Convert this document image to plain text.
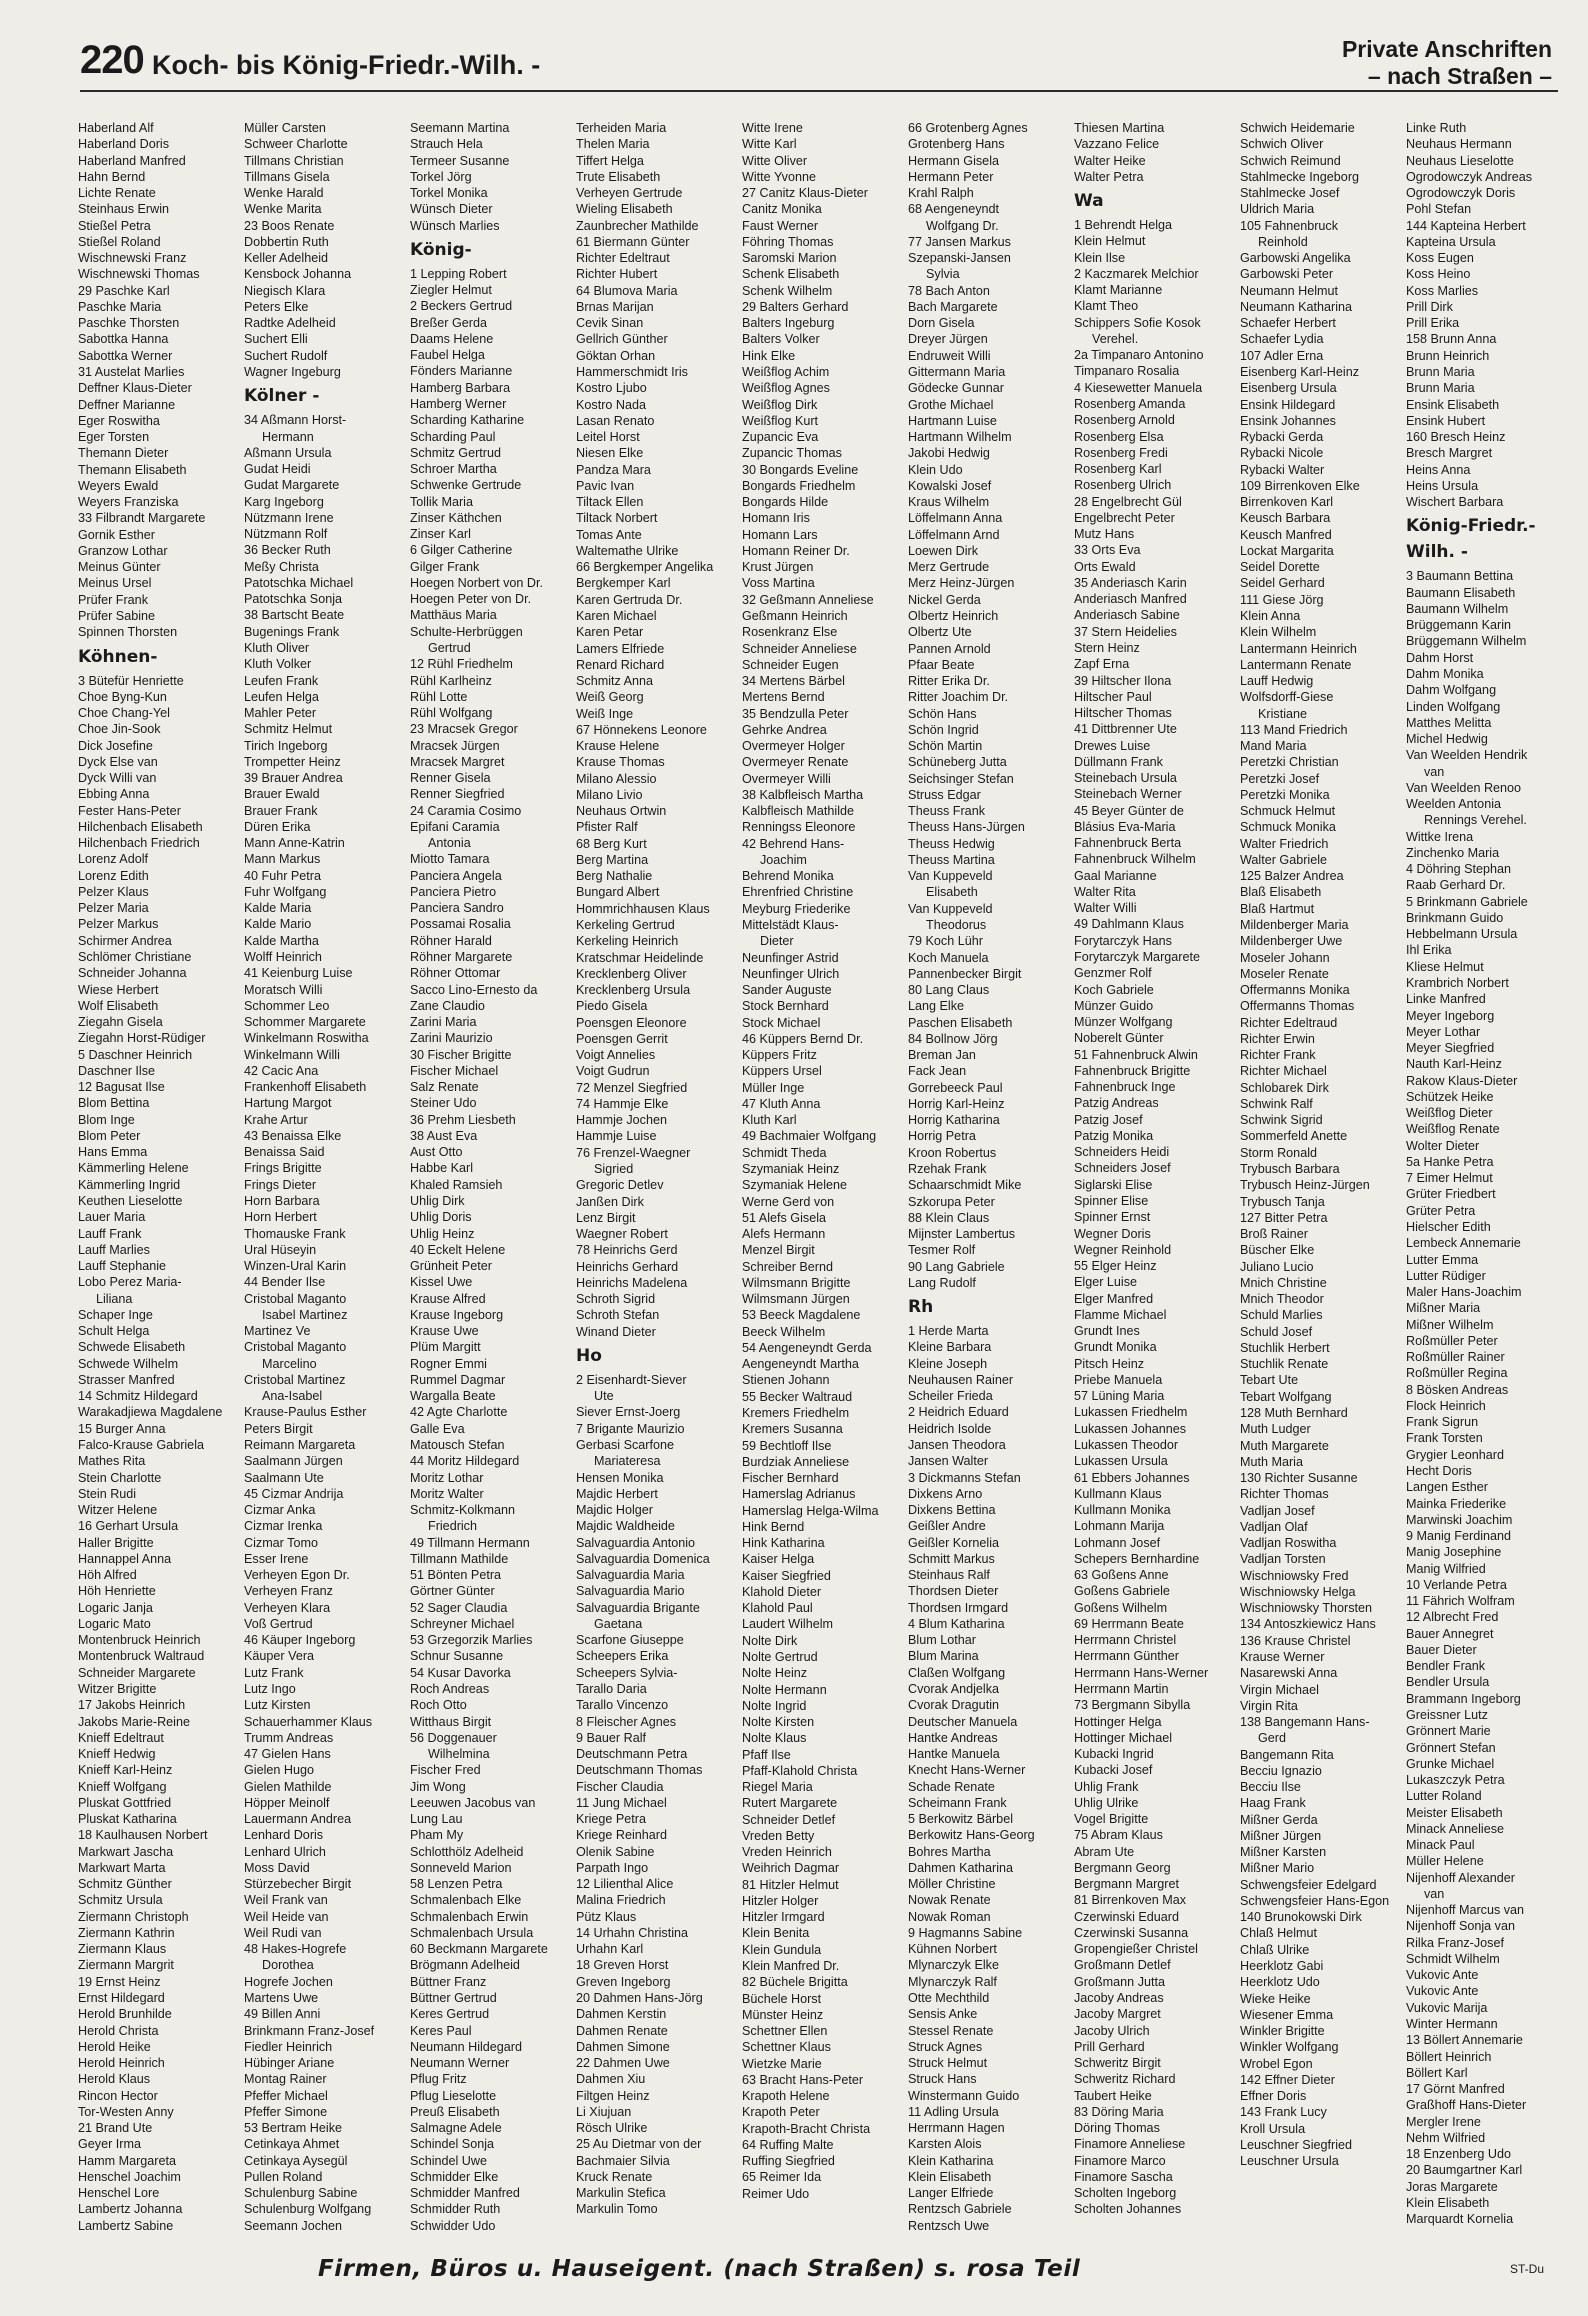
220 Koch- bis König-Friedr.-Wilh. -
Private Anschriften
– nach Straßen –
Haberland Alf
Haberland Doris
Haberland Manfred
Hahn Bernd
Lichte Renate
Steinhaus Erwin
Stießel Petra
Stießel Roland
Wischnewski Franz
Wischnewski Thomas
29 Paschke Karl
Paschke Maria
Paschke Thorsten
Sabottka Hanna
Sabottka Werner
31 Austelat Marlies
Deffner Klaus-Dieter
Deffner Marianne
Eger Roswitha
Eger Torsten
Themann Dieter
Themann Elisabeth
Weyers Ewald
Weyers Franziska
33 Filbrandt Margarete
Gornik Esther
Granzow Lothar
Meinus Günter
Meinus Ursel
Prüfer Frank
Prüfer Sabine
Spinnen Thorsten
Köhnen-
3 Bütefür Henriette
Choe Byng-Kun
Choe Chang-Yel
Choe Jin-Sook
Dick Josefine
Dyck Else van
Dyck Willi van
Ebbing Anna
Fester Hans-Peter
Hilchenbach Elisabeth
Hilchenbach Friedrich
Lorenz Adolf
Lorenz Edith
Pelzer Klaus
Pelzer Maria
Pelzer Markus
Schirmer Andrea
Schlömer Christiane
Schneider Johanna
Wiese Herbert
Wolf Elisabeth
Ziegahn Gisela
Ziegahn Horst-Rüdiger
5 Daschner Heinrich
Daschner Ilse
12 Bagusat Ilse
Blom Bettina
Blom Inge
Blom Peter
Hans Emma
Kämmerling Helene
Kämmerling Ingrid
Keuthen Lieselotte
Lauer Maria
Lauff Frank
Lauff Marlies
Lauff Stephanie
Lobo Perez Maria-
Liliana
Schaper Inge
Schult Helga
Schwede Elisabeth
Schwede Wilhelm
Strasser Manfred
14 Schmitz Hildegard
Warakadjiewa Magdalene
15 Burger Anna
Falco-Krause Gabriela
Mathes Rita
Stein Charlotte
Stein Rudi
Witzer Helene
16 Gerhart Ursula
Haller Brigitte
Hannappel Anna
Höh Alfred
Höh Henriette
Logaric Janja
Logaric Mato
Montenbruck Heinrich
Montenbruck Waltraud
Schneider Margarete
Witzer Brigitte
17 Jakobs Heinrich
Jakobs Marie-Reine
Knieff Edeltraut
Knieff Hedwig
Knieff Karl-Heinz
Knieff Wolfgang
Pluskat Gottfried
Pluskat Katharina
18 Kaulhausen Norbert
Markwart Jascha
Markwart Marta
Schmitz Günther
Schmitz Ursula
Ziermann Christoph
Ziermann Kathrin
Ziermann Klaus
Ziermann Margrit
19 Ernst Heinz
Ernst Hildegard
Herold Brunhilde
Herold Christa
Herold Heike
Herold Heinrich
Herold Klaus
Rincon Hector
Tor-Westen Anny
21 Brand Ute
Geyer Irma
Hamm Margareta
Henschel Joachim
Henschel Lore
Lambertz Johanna
Lambertz Sabine
Müller Carsten
Schweer Charlotte
Tillmans Christian
Tillmans Gisela
Wenke Harald
Wenke Marita
23 Boos Renate
Dobbertin Ruth
Keller Adelheid
Kensbock Johanna
Niegisch Klara
Peters Elke
Radtke Adelheid
Suchert Elli
Suchert Rudolf
Wagner Ingeburg
Kölner -
34 Aßmann Horst-
Hermann
Aßmann Ursula
Gudat Heidi
Gudat Margarete
Karg Ingeborg
Nützmann Irene
Nützmann Rolf
36 Becker Ruth
Meßy Christa
Patotschka Michael
Patotschka Sonja
38 Bartscht Beate
Bugenings Frank
Kluth Oliver
Kluth Volker
Leufen Frank
Leufen Helga
Mahler Peter
Schmitz Helmut
Tirich Ingeborg
Trompetter Heinz
39 Brauer Andrea
Brauer Ewald
Brauer Frank
Düren Erika
Mann Anne-Katrin
Mann Markus
40 Fuhr Petra
Fuhr Wolfgang
Kalde Maria
Kalde Mario
Kalde Martha
Wolff Heinrich
41 Keienburg Luise
Moratsch Willi
Schommer Leo
Schommer Margarete
Winkelmann Roswitha
Winkelmann Willi
42 Cacic Ana
Frankenhoff Elisabeth
Hartung Margot
Krahe Artur
43 Benaissa Elke
Benaissa Said
Frings Brigitte
Frings Dieter
Horn Barbara
Horn Herbert
Thomauske Frank
Ural Hüseyin
Winzen-Ural Karin
44 Bender Ilse
Cristobal Maganto
Isabel Martinez
Martinez Ve
Cristobal Maganto
Marcelino
Cristobal Martinez
Ana-Isabel
Krause-Paulus Esther
Peters Birgit
Reimann Margareta
Saalmann Jürgen
Saalmann Ute
45 Cizmar Andrija
Cizmar Anka
Cizmar Irenka
Cizmar Tomo
Esser Irene
Verheyen Egon Dr.
Verheyen Franz
Verheyen Klara
Voß Gertrud
46 Käuper Ingeborg
Käuper Vera
Lutz Frank
Lutz Ingo
Lutz Kirsten
Schauerhammer Klaus
Trumm Andreas
47 Gielen Hans
Gielen Hugo
Gielen Mathilde
Höpper Meinolf
Lauermann Andrea
Lenhard Doris
Lenhard Ulrich
Moss David
Stürzebecher Birgit
Weil Frank van
Weil Heide van
Weil Rudi van
48 Hakes-Hogrefe
Dorothea
Hogrefe Jochen
Martens Uwe
49 Billen Anni
Brinkmann Franz-Josef
Fiedler Heinrich
Hübinger Ariane
Montag Rainer
Pfeffer Michael
Pfeffer Simone
53 Bertram Heike
Cetinkaya Ahmet
Cetinkaya Aysegül
Pullen Roland
Schulenburg Sabine
Schulenburg Wolfgang
Seemann Jochen
Seemann Martina
Strauch Hela
Termeer Susanne
Torkel Jörg
Torkel Monika
Wünsch Dieter
Wünsch Marlies
König-
1 Lepping Robert
Ziegler Helmut
2 Beckers Gertrud
Breßer Gerda
Daams Helene
Faubel Helga
Fönders Marianne
Hamberg Barbara
Hamberg Werner
Scharding Katharine
Scharding Paul
Schmitz Gertrud
Schroer Martha
Schwenke Gertrude
Tollik Maria
Zinser Käthchen
Zinser Karl
6 Gilger Catherine
Gilger Frank
Hoegen Norbert von Dr.
Hoegen Peter von Dr.
Matthäus Maria
Schulte-Herbrüggen
Gertrud
12 Rühl Friedhelm
Rühl Karlheinz
Rühl Lotte
Rühl Wolfgang
23 Mracsek Gregor
Mracsek Jürgen
Mracsek Margret
Renner Gisela
Renner Siegfried
24 Caramia Cosimo
Epifani Caramia
Antonia
Miotto Tamara
Panciera Angela
Panciera Pietro
Panciera Sandro
Possamai Rosalia
Röhner Harald
Röhner Margarete
Röhner Ottomar
Sacco Lino-Ernesto da
Zane Claudio
Zarini Maria
Zarini Maurizio
30 Fischer Brigitte
Fischer Michael
Salz Renate
Steiner Udo
36 Prehm Liesbeth
38 Aust Eva
Aust Otto
Habbe Karl
Khaled Ramsieh
Uhlig Dirk
Uhlig Doris
Uhlig Heinz
40 Eckelt Helene
Grünheit Peter
Kissel Uwe
Krause Alfred
Krause Ingeborg
Krause Uwe
Plüm Margitt
Rogner Emmi
Rummel Dagmar
Wargalla Beate
42 Agte Charlotte
Galle Eva
Matousch Stefan
44 Moritz Hildegard
Moritz Lothar
Moritz Walter
Schmitz-Kolkmann
Friedrich
49 Tillmann Hermann
Tillmann Mathilde
51 Bönten Petra
Görtner Günter
52 Sager Claudia
Schreyner Michael
53 Grzegorzik Marlies
Schnur Susanne
54 Kusar Davorka
Roch Andreas
Roch Otto
Witthaus Birgit
56 Doggenauer
Wilhelmina
Fischer Fred
Jim Wong
Leeuwen Jacobus van
Lung Lau
Pham My
Schlotthölz Adelheid
Sonneveld Marion
58 Lenzen Petra
Schmalenbach Elke
Schmalenbach Erwin
Schmalenbach Ursula
60 Beckmann Margarete
Brögmann Adelheid
Büttner Franz
Büttner Gertrud
Keres Gertrud
Keres Paul
Neumann Hildegard
Neumann Werner
Pflug Fritz
Pflug Lieselotte
Preuß Elisabeth
Salmagne Adele
Schindel Sonja
Schindel Uwe
Schmidder Elke
Schmidder Manfred
Schmidder Ruth
Schwidder Udo
Terheiden Maria
Thelen Maria
Tiffert Helga
Trute Elisabeth
Verheyen Gertrude
Wieling Elisabeth
Zaunbrecher Mathilde
61 Biermann Günter
Richter Edeltraut
Richter Hubert
64 Blumova Maria
Brnas Marijan
Cevik Sinan
Gellrich Günther
Göktan Orhan
Hammerschmidt Iris
Kostro Ljubo
Kostro Nada
Lasan Renato
Leitel Horst
Niesen Elke
Pandza Mara
Pavic Ivan
Tiltack Ellen
Tiltack Norbert
Tomas Ante
Waltemathe Ulrike
66 Bergkemper Angelika
Bergkemper Karl
Karen Gertruda Dr.
Karen Michael
Karen Petar
Lamers Elfriede
Renard Richard
Schmitz Anna
Weiß Georg
Weiß Inge
67 Hönnekens Leonore
Krause Helene
Krause Thomas
Milano Alessio
Milano Livio
Neuhaus Ortwin
Pfister Ralf
68 Berg Kurt
Berg Martina
Berg Nathalie
Bungard Albert
Hommrichhausen Klaus
Kerkeling Gertrud
Kerkeling Heinrich
Kratschmar Heidelinde
Krecklenberg Oliver
Krecklenberg Ursula
Piedo Gisela
Poensgen Eleonore
Poensgen Gerrit
Voigt Annelies
Voigt Gudrun
72 Menzel Siegfried
74 Hammje Elke
Hammje Jochen
Hammje Luise
76 Frenzel-Waegner
Sigried
Gregoric Detlev
Janßen Dirk
Lenz Birgit
Waegner Robert
78 Heinrichs Gerd
Heinrichs Gerhard
Heinrichs Madelena
Schroth Sigrid
Schroth Stefan
Winand Dieter
Ho
2 Eisenhardt-Siever
Ute
Siever Ernst-Joerg
7 Brigante Maurizio
Gerbasi Scarfone
Mariateresa
Hensen Monika
Majdic Herbert
Majdic Holger
Majdic Waldheide
Salvaguardia Antonio
Salvaguardia Domenica
Salvaguardia Maria
Salvaguardia Mario
Salvaguardia Brigante
Gaetana
Scarfone Giuseppe
Scheepers Erika
Scheepers Sylvia-
Tarallo Daria
Tarallo Vincenzo
8 Fleischer Agnes
9 Bauer Ralf
Deutschmann Petra
Deutschmann Thomas
Fischer Claudia
11 Jung Michael
Kriege Petra
Kriege Reinhard
Olenik Sabine
Parpath Ingo
12 Lilienthal Alice
Malina Friedrich
Pütz Klaus
14 Urhahn Christina
Urhahn Karl
18 Greven Horst
Greven Ingeborg
20 Dahmen Hans-Jörg
Dahmen Kerstin
Dahmen Renate
Dahmen Simone
22 Dahmen Uwe
Dahmen Xiu
Filtgen Heinz
Li Xiujuan
Rösch Ulrike
25 Au Dietmar von der
Bachmaier Silvia
Kruck Renate
Markulin Stefica
Markulin Tomo
Witte Irene
Witte Karl
Witte Oliver
Witte Yvonne
27 Canitz Klaus-Dieter
Canitz Monika
Faust Werner
Föhring Thomas
Saromski Marion
Schenk Elisabeth
Schenk Wilhelm
29 Balters Gerhard
Balters Ingeburg
Balters Volker
Hink Elke
Weißflog Achim
Weißflog Agnes
Weißflog Dirk
Weißflog Kurt
Zupancic Eva
Zupancic Thomas
30 Bongards Eveline
Bongards Friedhelm
Bongards Hilde
Homann Iris
Homann Lars
Homann Reiner Dr.
Krust Jürgen
Voss Martina
32 Geßmann Anneliese
Geßmann Heinrich
Rosenkranz Else
Schneider Anneliese
Schneider Eugen
34 Mertens Bärbel
Mertens Bernd
35 Bendzulla Peter
Gehrke Andrea
Overmeyer Holger
Overmeyer Renate
Overmeyer Willi
38 Kalbfleisch Martha
Kalbfleisch Mathilde
Renningss Eleonore
42 Behrend Hans-
Joachim
Behrend Monika
Ehrenfried Christine
Meyburg Friederike
Mittelstädt Klaus-
Dieter
Neunfinger Astrid
Neunfinger Ulrich
Sander Auguste
Stock Bernhard
Stock Michael
46 Küppers Bernd Dr.
Küppers Fritz
Küppers Ursel
Müller Inge
47 Kluth Anna
Kluth Karl
49 Bachmaier Wolfgang
Schmidt Theda
Szymaniak Heinz
Szymaniak Helene
Werne Gerd von
51 Alefs Gisela
Alefs Hermann
Menzel Birgit
Schreiber Bernd
Wilmsmann Brigitte
Wilmsmann Jürgen
53 Beeck Magdalene
Beeck Wilhelm
54 Aengeneyndt Gerda
Aengeneyndt Martha
Stienen Johann
55 Becker Waltraud
Kremers Friedhelm
Kremers Susanna
59 Bechtloff Ilse
Burdziak Anneliese
Fischer Bernhard
Hamerslag Adrianus
Hamerslag Helga-Wilma
Hink Bernd
Hink Katharina
Kaiser Helga
Kaiser Siegfried
Klahold Dieter
Klahold Paul
Laudert Wilhelm
Nolte Dirk
Nolte Gertrud
Nolte Heinz
Nolte Hermann
Nolte Ingrid
Nolte Kirsten
Nolte Klaus
Pfaff Ilse
Pfaff-Klahold Christa
Riegel Maria
Rutert Margarete
Schneider Detlef
Vreden Betty
Vreden Heinrich
Weihrich Dagmar
81 Hitzler Helmut
Hitzler Holger
Hitzler Irmgard
Klein Benita
Klein Gundula
Klein Manfred Dr.
82 Büchele Brigitta
Büchele Horst
Münster Heinz
Schettner Ellen
Schettner Klaus
Wietzke Marie
63 Bracht Hans-Peter
Krapoth Helene
Krapoth Peter
Krapoth-Bracht Christa
64 Ruffing Malte
Ruffing Siegfried
65 Reimer Ida
Reimer Udo
66 Grotenberg Agnes
Grotenberg Hans
Hermann Gisela
Hermann Peter
Krahl Ralph
68 Aengeneyndt
Wolfgang Dr.
77 Jansen Markus
Szepanski-Jansen
Sylvia
78 Bach Anton
Bach Margarete
Dorn Gisela
Dreyer Jürgen
Endruweit Willi
Gittermann Maria
Gödecke Gunnar
Grothe Michael
Hartmann Luise
Hartmann Wilhelm
Jakobi Hedwig
Klein Udo
Kowalski Josef
Kraus Wilhelm
Löffelmann Anna
Löffelmann Arnd
Loewen Dirk
Merz Gertrude
Merz Heinz-Jürgen
Nickel Gerda
Olbertz Heinrich
Olbertz Ute
Pannen Arnold
Pfaar Beate
Ritter Erika Dr.
Ritter Joachim Dr.
Schön Hans
Schön Ingrid
Schön Martin
Schüneberg Jutta
Seichsinger Stefan
Struss Edgar
Theuss Frank
Theuss Hans-Jürgen
Theuss Hedwig
Theuss Martina
Van Kuppeveld
Elisabeth
Van Kuppeveld
Theodorus
79 Koch Lühr
Koch Manuela
Pannenbecker Birgit
80 Lang Claus
Lang Elke
Paschen Elisabeth
84 Bollnow Jörg
Breman Jan
Fack Jean
Gorrebeeck Paul
Horrig Karl-Heinz
Horrig Katharina
Horrig Petra
Kroon Robertus
Rzehak Frank
Schaarschmidt Mike
Szkorupa Peter
88 Klein Claus
Mijnster Lambertus
Tesmer Rolf
90 Lang Gabriele
Lang Rudolf
Rh
1 Herde Marta
Kleine Barbara
Kleine Joseph
Neuhausen Rainer
Scheiler Frieda
2 Heidrich Eduard
Heidrich Isolde
Jansen Theodora
Jansen Walter
3 Dickmanns Stefan
Dixkens Arno
Dixkens Bettina
Geißler Andre
Geißler Kornelia
Schmitt Markus
Steinhaus Ralf
Thordsen Dieter
Thordsen Irmgard
4 Blum Katharina
Blum Lothar
Blum Marina
Claßen Wolfgang
Cvorak Andjelka
Cvorak Dragutin
Deutscher Manuela
Hantke Andreas
Hantke Manuela
Knecht Hans-Werner
Schade Renate
Scheimann Frank
5 Berkowitz Bärbel
Berkowitz Hans-Georg
Bohres Martha
Dahmen Katharina
Möller Christine
Nowak Renate
Nowak Roman
9 Hagmanns Sabine
Kühnen Norbert
Mlynarczyk Elke
Mlynarczyk Ralf
Otte Mechthild
Sensis Anke
Stessel Renate
Struck Agnes
Struck Helmut
Struck Hans
Winstermann Guido
11 Adling Ursula
Herrmann Hagen
Karsten Alois
Klein Katharina
Klein Elisabeth
Langer Elfriede
Rentzsch Gabriele
Rentzsch Uwe
Thiesen Martina
Vazzano Felice
Walter Heike
Walter Petra
Wa
1 Behrendt Helga
Klein Helmut
Klein Ilse
2 Kaczmarek Melchior
Klamt Marianne
Klamt Theo
Schippers Sofie Kosok
Verehel.
2a Timpanaro Antonino
Timpanaro Rosalia
4 Kiesewetter Manuela
Rosenberg Amanda
Rosenberg Arnold
Rosenberg Elsa
Rosenberg Fredi
Rosenberg Karl
Rosenberg Ulrich
28 Engelbrecht Gül
Engelbrecht Peter
Mutz Hans
33 Orts Eva
Orts Ewald
35 Anderiasch Karin
Anderiasch Manfred
Anderiasch Sabine
37 Stern Heidelies
Stern Heinz
Zapf Erna
39 Hiltscher Ilona
Hiltscher Paul
Hiltscher Thomas
41 Dittbrenner Ute
Drewes Luise
Düllmann Frank
Steinebach Ursula
Steinebach Werner
45 Beyer Günter de
Blásius Eva-Maria
Fahnenbruck Berta
Fahnenbruck Wilhelm
Gaal Marianne
Walter Rita
Walter Willi
49 Dahlmann Klaus
Forytarczyk Hans
Forytarczyk Margarete
Genzmer Rolf
Koch Gabriele
Münzer Guido
Münzer Wolfgang
Noberelt Günter
51 Fahnenbruck Alwin
Fahnenbruck Brigitte
Fahnenbruck Inge
Patzig Andreas
Patzig Josef
Patzig Monika
Schneiders Heidi
Schneiders Josef
Siglarski Elise
Spinner Elise
Spinner Ernst
Wegner Doris
Wegner Reinhold
55 Elger Heinz
Elger Luise
Elger Manfred
Flamme Michael
Grundt Ines
Grundt Monika
Pitsch Heinz
Priebe Manuela
57 Lüning Maria
Lukassen Friedhelm
Lukassen Johannes
Lukassen Theodor
Lukassen Ursula
61 Ebbers Johannes
Kullmann Klaus
Kullmann Monika
Lohmann Marija
Lohmann Josef
Schepers Bernhardine
63 Goßens Anne
Goßens Gabriele
Goßens Wilhelm
69 Herrmann Beate
Herrmann Christel
Herrmann Günther
Herrmann Hans-Werner
Herrmann Martin
73 Bergmann Sibylla
Hottinger Helga
Hottinger Michael
Kubacki Ingrid
Kubacki Josef
Uhlig Frank
Uhlig Ulrike
Vogel Brigitte
75 Abram Klaus
Abram Ute
Bergmann Georg
Bergmann Margret
81 Birrenkoven Max
Czerwinski Eduard
Czerwinski Susanna
Gropengießer Christel
Großmann Detlef
Großmann Jutta
Jacoby Andreas
Jacoby Margret
Jacoby Ulrich
Prill Gerhard
Schweritz Birgit
Schweritz Richard
Taubert Heike
83 Döring Maria
Döring Thomas
Finamore Anneliese
Finamore Marco
Finamore Sascha
Scholten Ingeborg
Scholten Johannes
Schwich Heidemarie
Schwich Oliver
Schwich Reimund
Stahlmecke Ingeborg
Stahlmecke Josef
Uldrich Maria
105 Fahnenbruck
Reinhold
Garbowski Angelika
Garbowski Peter
Neumann Helmut
Neumann Katharina
Schaefer Herbert
Schaefer Lydia
107 Adler Erna
Eisenberg Karl-Heinz
Eisenberg Ursula
Ensink Hildegard
Ensink Johannes
Rybacki Gerda
Rybacki Nicole
Rybacki Walter
109 Birrenkoven Elke
Birrenkoven Karl
Keusch Barbara
Keusch Manfred
Lockat Margarita
Seidel Dorette
Seidel Gerhard
111 Giese Jörg
Klein Anna
Klein Wilhelm
Lantermann Heinrich
Lantermann Renate
Lauff Hedwig
Wolfsdorff-Giese
Kristiane
113 Mand Friedrich
Mand Maria
Peretzki Christian
Peretzki Josef
Peretzki Monika
Schmuck Helmut
Schmuck Monika
Walter Friedrich
Walter Gabriele
125 Balzer Andrea
Blaß Elisabeth
Blaß Hartmut
Mildenberger Maria
Mildenberger Uwe
Moseler Johann
Moseler Renate
Offermanns Monika
Offermanns Thomas
Richter Edeltraud
Richter Erwin
Richter Frank
Richter Michael
Schlobarek Dirk
Schwink Ralf
Schwink Sigrid
Sommerfeld Anette
Storm Ronald
Trybusch Barbara
Trybusch Heinz-Jürgen
Trybusch Tanja
127 Bitter Petra
Broß Rainer
Büscher Elke
Juliano Lucio
Mnich Christine
Mnich Theodor
Schuld Marlies
Schuld Josef
Stuchlik Herbert
Stuchlik Renate
Tebart Ute
Tebart Wolfgang
128 Muth Bernhard
Muth Ludger
Muth Margarete
Muth Maria
130 Richter Susanne
Richter Thomas
Vadljan Josef
Vadljan Olaf
Vadljan Roswitha
Vadljan Torsten
Wischniowsky Fred
Wischniowsky Helga
Wischniowsky Thorsten
134 Antoszkiewicz Hans
136 Krause Christel
Krause Werner
Nasarewski Anna
Virgin Michael
Virgin Rita
138 Bangemann Hans-
Gerd
Bangemann Rita
Becciu Ignazio
Becciu Ilse
Haag Frank
Mißner Gerda
Mißner Jürgen
Mißner Karsten
Mißner Mario
Schwengsfeier Edelgard
Schwengsfeier Hans-Egon
140 Brunokowski Dirk
Chlaß Helmut
Chlaß Ulrike
Heerklotz Gabi
Heerklotz Udo
Wieke Heike
Wiesener Emma
Winkler Brigitte
Winkler Wolfgang
Wrobel Egon
142 Effner Dieter
Effner Doris
143 Frank Lucy
Kroll Ursula
Leuschner Siegfried
Leuschner Ursula
Linke Ruth
Neuhaus Hermann
Neuhaus Lieselotte
Ogrodowczyk Andreas
Ogrodowczyk Doris
Pohl Stefan
144 Kapteina Herbert
Kapteina Ursula
Koss Eugen
Koss Heino
Koss Marlies
Prill Dirk
Prill Erika
158 Brunn Anna
Brunn Heinrich
Brunn Maria
Brunn Maria
Ensink Elisabeth
Ensink Hubert
160 Bresch Heinz
Bresch Margret
Heins Anna
Heins Ursula
Wischert Barbara
König-Friedr.-
Wilh. -
3 Baumann Bettina
Baumann Elisabeth
Baumann Wilhelm
Brüggemann Karin
Brüggemann Wilhelm
Dahm Horst
Dahm Monika
Dahm Wolfgang
Linden Wolfgang
Matthes Melitta
Michel Hedwig
Van Weelden Hendrik
van
Van Weelden Renoo
Weelden Antonia
Rennings Verehel.
Wittke Irena
Zinchenko Maria
4 Döhring Stephan
Raab Gerhard Dr.
5 Brinkmann Gabriele
Brinkmann Guido
Hebbelmann Ursula
Ihl Erika
Kliese Helmut
Krambrich Norbert
Linke Manfred
Meyer Ingeborg
Meyer Lothar
Meyer Siegfried
Nauth Karl-Heinz
Rakow Klaus-Dieter
Schützek Heike
Weißflog Dieter
Weißflog Renate
Wolter Dieter
5a Hanke Petra
7 Eimer Helmut
Grüter Friedbert
Grüter Petra
Hielscher Edith
Lembeck Annemarie
Lutter Emma
Lutter Rüdiger
Maler Hans-Joachim
Mißner Maria
Mißner Wilhelm
Roßmüller Peter
Roßmüller Rainer
Roßmüller Regina
8 Bösken Andreas
Flock Heinrich
Frank Sigrun
Frank Torsten
Grygier Leonhard
Hecht Doris
Langen Esther
Mainka Friederike
Marwinski Joachim
9 Manig Ferdinand
Manig Josephine
Manig Wilfried
10 Verlande Petra
11 Fährich Wolfram
12 Albrecht Fred
Bauer Annegret
Bauer Dieter
Bendler Frank
Bendler Ursula
Brammann Ingeborg
Greissner Lutz
Grönnert Marie
Grönnert Stefan
Grunke Michael
Lukaszczyk Petra
Lutter Roland
Meister Elisabeth
Minack Anneliese
Minack Paul
Müller Helene
Nijenhoff Alexander
van
Nijenhoff Marcus van
Nijenhoff Sonja van
Rilka Franz-Josef
Schmidt Wilhelm
Vukovic Ante
Vukovic Ante
Vukovic Marija
Winter Hermann
13 Böllert Annemarie
Böllert Heinrich
Böllert Karl
17 Görnt Manfred
Graßhoff Hans-Dieter
Mergler Irene
Nehm Wilfried
18 Enzenberg Udo
20 Baumgartner Karl
Joras Margarete
Klein Elisabeth
Marquardt Kornelia
Firmen, Büros u. Hauseigent. (nach Straßen) s. rosa Teil	ST-Du
